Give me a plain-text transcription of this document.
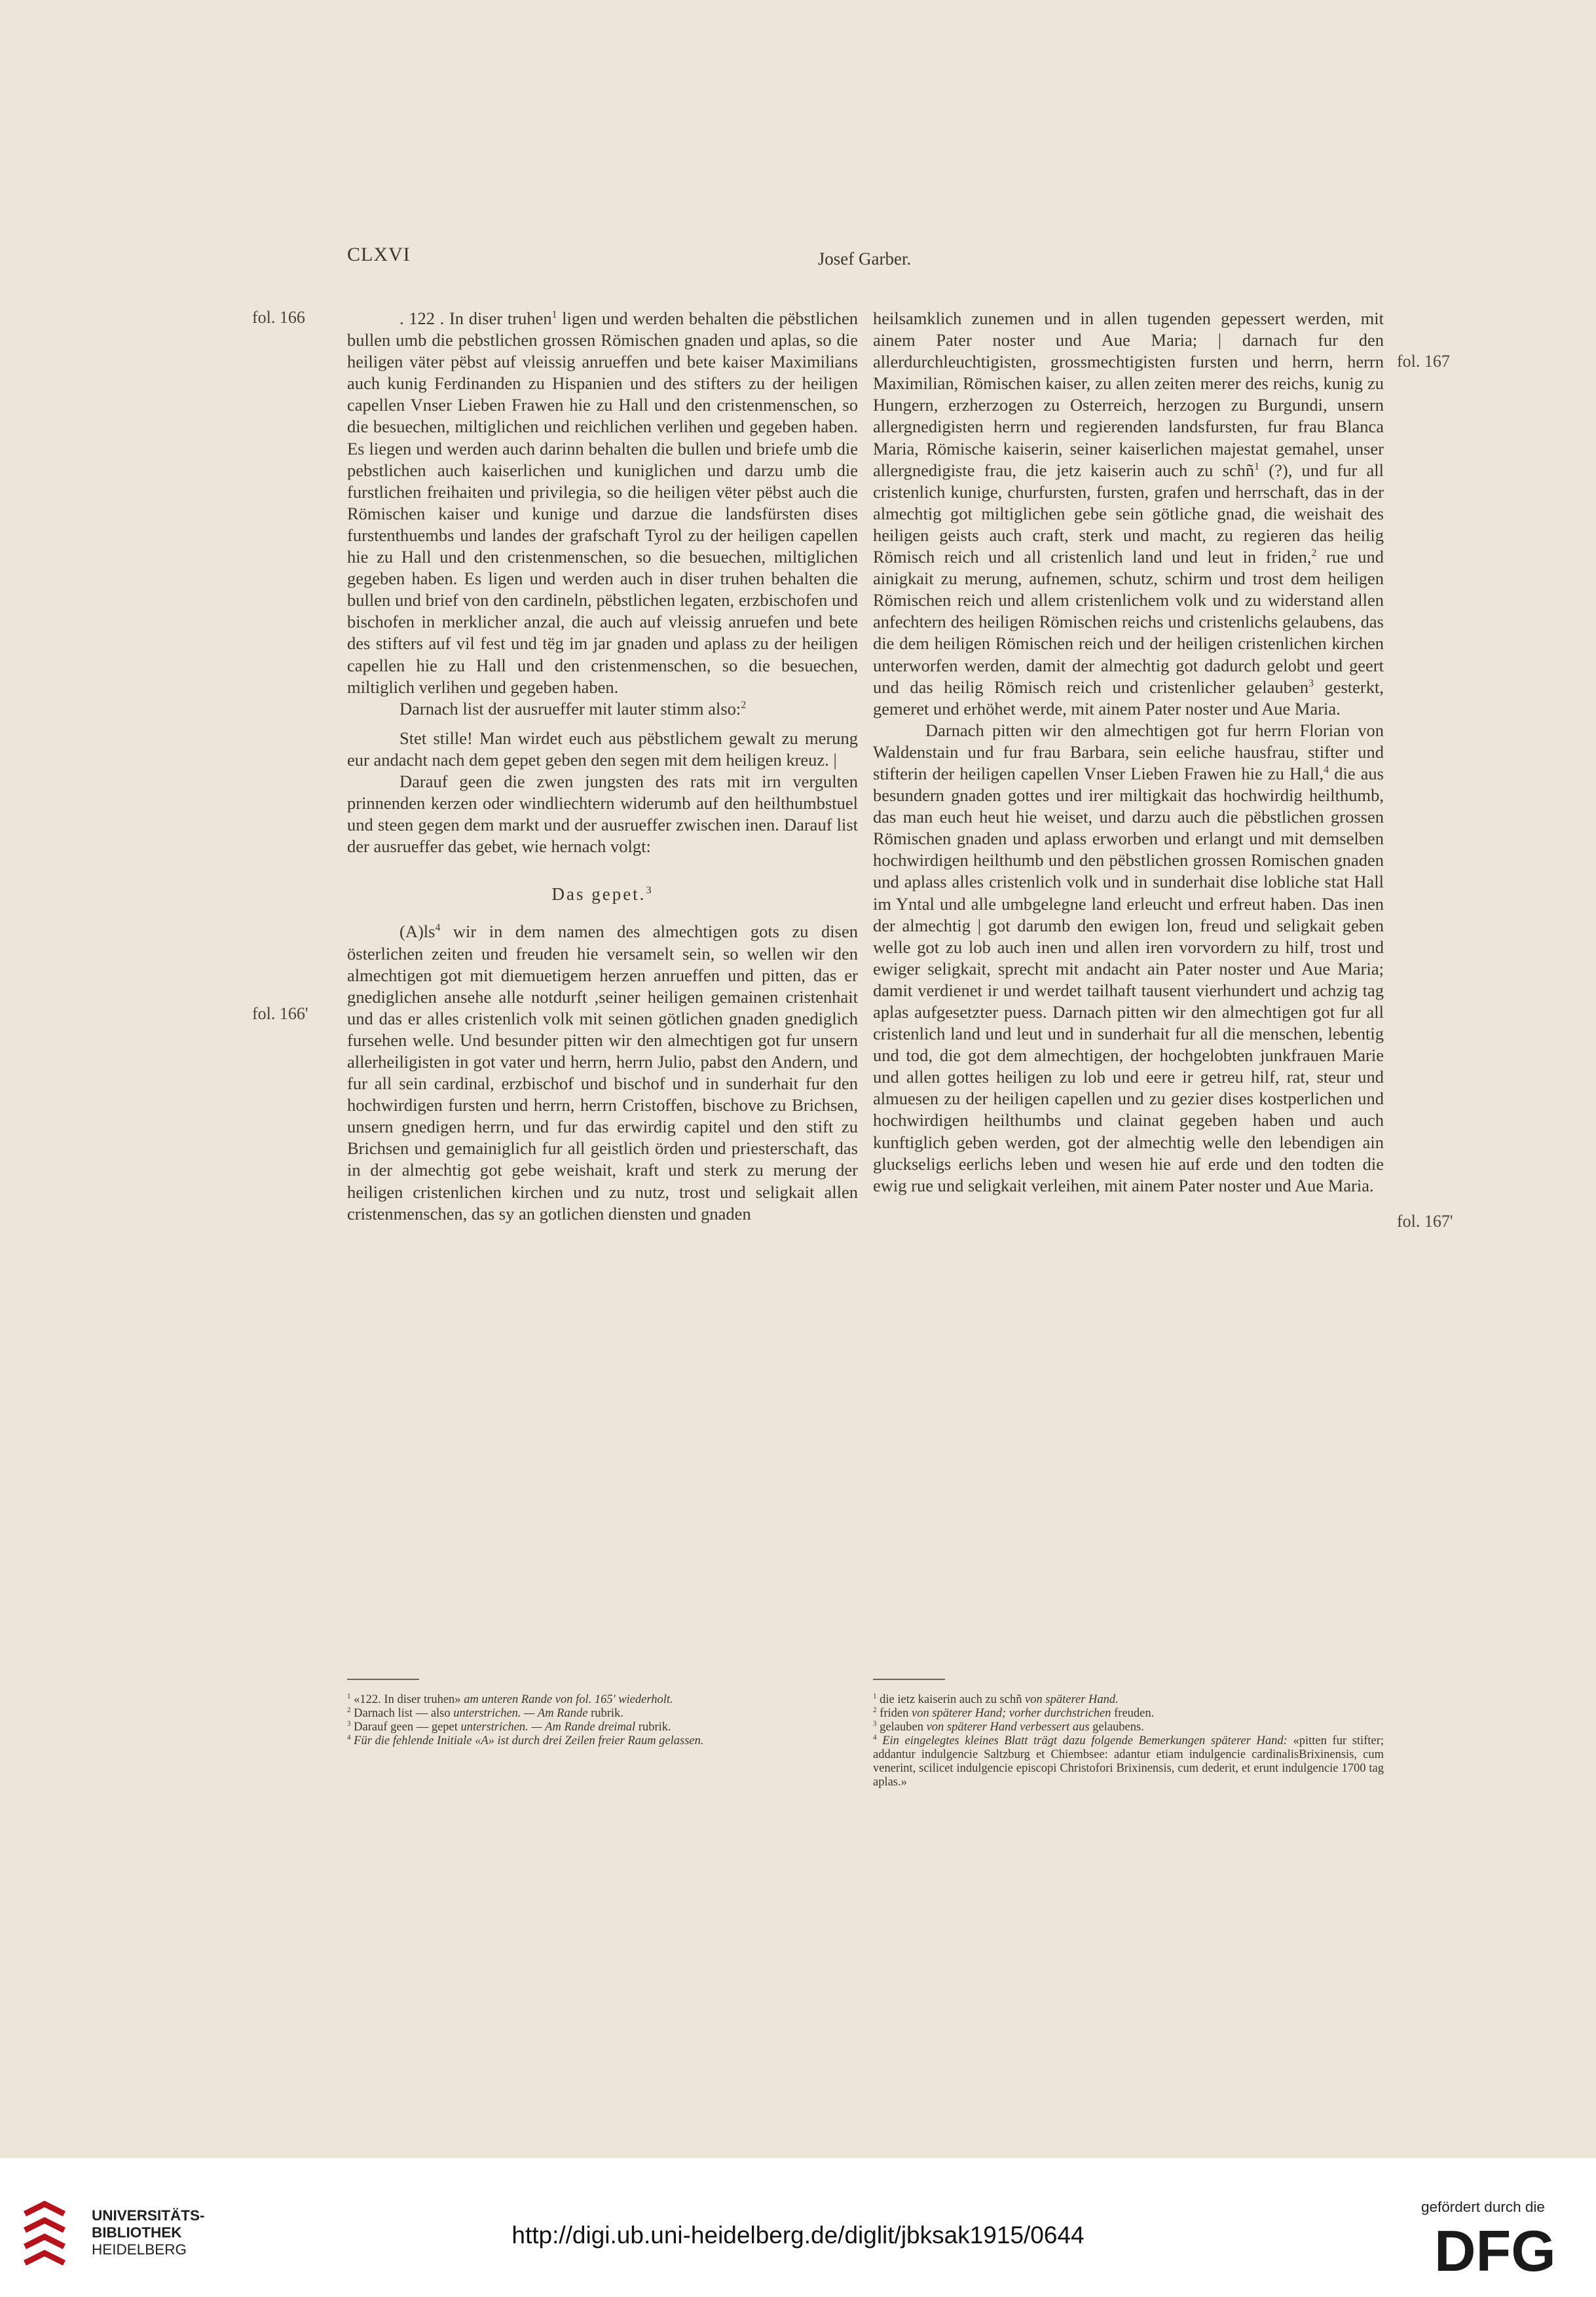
CLXVI	Josef Garber.
fol. 166
fol. 166'
fol. 167
fol. 167'

. 122 . In diser truhen$^1$ ligen und werden behalten die pëbstlichen bullen umb die pebstlichen grossen Römischen gnaden und aplas, so die heiligen väter pëbst auf vleissig anrueffen und bete kaiser Maximilians auch kunig Ferdinanden zu Hispanien und des stifters zu der heiligen capellen Vnser Lieben Frawen hie zu Hall und den cristenmenschen, so die besuechen, miltiglichen und reichlichen verlihen und gegeben haben. Es liegen und werden auch darinn behalten die bullen und briefe umb die pebstlichen auch kaiserlichen und kuniglichen und darzu umb die furstlichen freihaiten und privilegia, so die heiligen vëter pëbst auch die Römischen kaiser und kunige und darzue die landsfürsten dises furstenthuembs und landes der grafschaft Tyrol zu der heiligen capellen hie zu Hall und den cristenmenschen, so die besuechen, miltiglichen gegeben haben. Es ligen und werden auch in diser truhen behalten die bullen und brief von den cardineln, pëbstlichen legaten, erzbischofen und bischofen in merklicher anzal, die auch auf vleissig anruefen und bete des stifters auf vil fest und tëg im jar gnaden und aplass zu der heiligen capellen hie zu Hall und den cristenmenschen, so die besuechen, miltiglich verlihen und gegeben haben.

Darnach list der ausrueffer mit lauter stimm also:$^2$

Stet stille! Man wirdet euch aus pëbstlichem gewalt zu merung eur andacht nach dem gepet geben den segen mit dem heiligen kreuz. |

Darauf geen die zwen jungsten des rats mit irn vergulten prinnenden kerzen oder windliechtern widerumb auf den heilthumbstuel und steen gegen dem markt und der ausrueffer zwischen inen. Darauf list der ausrueffer das gebet, wie hernach volgt:

Das gepet.$^3$

$(A)ls^4$ wir in dem namen des almechtigen gots zu disen österlichen zeiten und freuden hie versamelt sein, so wellen wir den almechtigen got mit diemuetigem herzen anrueffen und pitten, das er gnediglichen ansehe alle notdurft ,seiner heiligen gemainen cristenhait und das er alles cristenlich volk mit seinen götlichen gnaden gnediglich fursehen welle. Und besunder pitten wir den almechtigen got fur unsern allerheiligisten in got vater und herrn, herrn Julio, pabst den Andern, und fur all sein cardinal, erzbischof und bischof und in sunderhait fur den hochwirdigen fursten und herrn, herrn Cristoffen, bischove zu Brichsen, unsern gnedigen herrn, und fur das erwirdig capitel und den stift zu Brichsen und gemainiglich fur all geistlich örden und priesterschaft, das in der almechtig got gebe weishait, kraft und sterk zu merung der heiligen cristenlichen kirchen und zu nutz, trost und seligkait allen cristenmenschen, das sy an gotlichen diensten und gnaden

heilsamklich zunemen und in allen tugenden gepessert werden, mit ainem Pater noster und Aue Maria; | darnach fur den allerdurchleuchtigisten, grossmechtigisten fursten und herrn, herrn Maximilian, Römischen kaiser, zu allen zeiten merer des reichs, kunig zu Hungern, erzherzogen zu Osterreich, herzogen zu Burgundi, unsern allergnedigisten herrn und regierenden landsfursten, fur frau Blanca Maria, Römische kaiserin, seiner kaiserlichen majestat gemahel, unser allergnedigiste frau, die jetz kaiserin auch zu schñ$^1$ (?), und fur all cristenlich kunige, churfursten, fursten, grafen und herrschaft, das in der almechtig got miltiglichen gebe sein götliche gnad, die weishait des heiligen geists auch craft, sterk und macht, zu regieren das heilig Römisch reich und all cristenlich land und leut in friden,$^2$ rue und ainigkait zu merung, aufnemen, schutz, schirm und trost dem heiligen Römischen reich und allem cristenlichem volk und zu widerstand allen anfechtern des heiligen Römischen reichs und cristenlichs gelaubens, das die dem heiligen Römischen reich und der heiligen cristenlichen kirchen unterworfen werden, damit der almechtig got dadurch gelobt und geert und das heilig Römisch reich und cristenlicher gelauben$^3$ gesterkt, gemeret und erhöhet werde, mit ainem Pater noster und Aue Maria.

Darnach pitten wir den almechtigen got fur herrn Florian von Waldenstain und fur frau Barbara, sein eeliche hausfrau, stifter und stifterin der heiligen capellen Vnser Lieben Frawen hie zu Hall,$^4$ die aus besundern gnaden gottes und irer miltigkait das hochwirdig heilthumb, das man euch heut hie weiset, und darzu auch die pëbstlichen grossen Römischen gnaden und aplass erworben und erlangt und mit demselben hochwirdigen heilthumb und den pëbstlichen grossen Romischen gnaden und aplass alles cristenlich volk und in sunderhait dise lobliche stat Hall im Yntal und alle umbgelegne land erleucht und erfreut haben. Das inen der almechtig | got darumb den ewigen lon, freud und seligkait geben welle got zu lob auch inen und allen iren vorvordern zu hilf, trost und ewiger seligkait, sprecht mit andacht ain Pater noster und Aue Maria; damit verdienet ir und werdet tailhaft tausent vierhundert und achzig tag aplas aufgesetzter puess. Darnach pitten wir den almechtigen got fur all cristenlich land und leut und in sunderhait fur all die menschen, lebentig und tod, die got dem almechtigen, der hochgelobten junkfrauen Marie und allen gottes heiligen zu lob und eere ir getreu hilf, rat, steur und almuesen zu der heiligen capellen und zu gezier dises kostperlichen und hochwirdigen heilthumbs und clainat gegeben haben und auch kunftiglich geben werden, got der almechtig welle den lebendigen ain gluckseligs eerlichs leben und wesen hie auf erde und den todten die ewig rue und seligkait verleihen, mit ainem Pater noster und Aue Maria.

$^1$ «122. In diser truhen» am unteren Rande von fol. 165' wiederholt.

$^2$ Darnach list — also unterstrichen. — Am Rande rubrik.

$^3$ Darauf geen — gepet unterstrichen. — Am Rande dreimal rubrik.

$^4$ Für die fehlende Initiale «A» ist durch drei Zeilen freier Raum gelassen.

$^1$ die ietz kaiserin auch zu schñ von späterer Hand.

$^2$ friden von späterer Hand; vorher durchstrichen freuden.

$^3$ gelauben von späterer Hand verbessert aus gelaubens.

$^4$ Ein eingelegtes kleines Blatt trägt dazu folgende Bemerkungen späterer Hand: «pitten fur stifter; addantur indulgencie Saltzburg et Chiembsee: adantur etiam indulgencie cardinalisBrixinensis, cum venerint, scilicet indulgencie episcopi Christofori Brixinensis, cum dederit, et erunt indulgencie 1700 tag aplas.»

UNIVERSITÄTS-
BIBLIOTHEK
HEIDELBERG
http://digi.ub.uni-heidelberg.de/diglit/jbksak1915/0644
gefördert durch die
DFG
